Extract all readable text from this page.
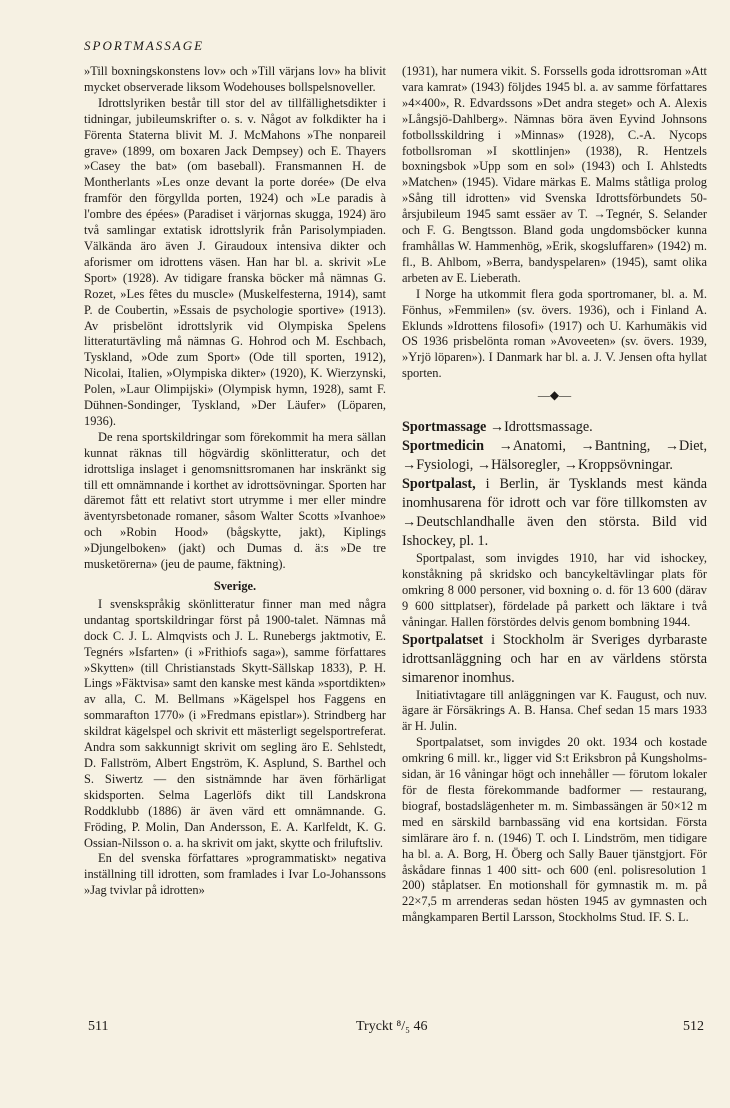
SPORTMASSAGE

»Till boxningskonstens lov» och »Till värjans lov» ha blivit mycket observerade liksom Wodehouses bollspelsnoveller.

Idrottslyriken består till stor del av tillfällighetsdikter i tidningar, jubileumskrifter o. s. v. Något av folkdikter ha i Förenta Staterna blivit M. J. McMahons »The nonpareil grave» (1899, om boxaren Jack Dempsey) och E. Thayers »Casey the bat» (om baseball). Fransmannen H. de Montherlants »Les onze devant la porte dorée» (De elva framför den förgyllda porten, 1924) och »Le paradis à l'ombre des épées» (Paradiset i värjornas skugga, 1924) äro två samlingar extatisk idrottslyrik från Parisolympiaden. Välkända äro även J. Giraudoux intensiva dikter och aforismer om idrottens väsen. Han har bl. a. skrivit »Le Sport» (1928). Av tidigare franska böcker må nämnas G. Rozet, »Les fêtes du muscle» (Muskelfesterna, 1914), samt P. de Coubertin, »Essais de psychologie sportive» (1913). Av prisbelönt idrottslyrik vid Olympiska Spelens litteraturtävling må nämnas G. Hohrod och M. Eschbach, Tyskland, »Ode zum Sport» (Ode till sporten, 1912), Nicolai, Italien, »Olympiska dikter» (1920), K. Wierzynski, Polen, »Laur Olimpijski» (Olympisk hymn, 1928), samt F. Dühnen-Sondinger, Tyskland, »Der Läufer» (Löparen, 1936).

De rena sportskildringar som förekommit ha mera sällan kunnat räknas till högvärdig skönlitteratur, och det idrottsliga inslaget i genomsnittsromanen har inskränkt sig till ett omnämnande i korthet av idrottsövningar. Sporten har däremot fått ett relativt stort utrymme i mer eller mindre äventyrsbetonade romaner, såsom Walter Scotts »Ivanhoe» och »Robin Hood» (bågskytte, jakt), Kiplings »Djungelboken» (jakt) och Dumas d. ä:s »De tre musketörerna» (jeu de paume, fäktning).

Sverige.

I svenskspråkig skönlitteratur finner man med några undantag sportskildringar först på 1900-talet. Nämnas må dock C. J. L. Almqvists och J. L. Runebergs jaktmotiv, E. Tegnérs »Isfarten» (i »Frithiofs saga»), samme författares »Skytten» (till Christianstads Skytt-Sällskap 1833), P. H. Lings »Fäktvisa» samt den kanske mest kända »sportdikten» av alla, C. M. Bellmans »Kägelspel hos Faggens en sommarafton 1770» (i »Fredmans epistlar»). Strindberg har skildrat kägelspel och skrivit ett mästerligt segelsportreferat. Andra som sakkunnigt skrivit om segling äro E. Sehlstedt, D. Fallström, Albert Engström, K. Asplund, S. Barthel och S. Siwertz — den sistnämnde har även förhärligat skidsporten. Selma Lagerlöfs dikt till Landskrona Roddklubb (1886) är även värd ett omnämnande. G. Fröding, P. Molin, Dan Andersson, E. A. Karlfeldt, K. G. Ossian-Nilsson o. a. ha skrivit om jakt, skytte och friluftsliv.

En del svenska författares »programmatiskt» negativa inställning till idrotten, som framlades i Ivar Lo-Johanssons »Jag tvivlar på idrotten»

(1931), har numera vikit. S. Forssells goda idrottsroman »Att vara kamrat» (1943) följdes 1945 bl. a. av samme författares »4×400», R. Edvardssons »Det andra steget» och A. Alexis »Långsjö-Dahlberg». Nämnas böra även Eyvind Johnsons fotbollsskildring i »Minnas» (1928), C.-A. Nycops fotbollsroman »I skottlinjen» (1938), R. Hentzels boxningsbok »Upp som en sol» (1943) och I. Ahlstedts »Matchen» (1945). Vidare märkas E. Malms ståtliga prolog »Sång till idrotten» vid Svenska Idrottsförbundets 50-årsjubileum 1945 samt essäer av T. →Tegnér, S. Selander och F. G. Bengtsson. Bland goda ungdomsböcker kunna framhållas W. Hammenhög, »Erik, skogsluffaren» (1942) m. fl., B. Ahlbom, »Berra, bandyspelaren» (1945), samt olika arbeten av E. Lieberath.

I Norge ha utkommit flera goda sportromaner, bl. a. M. Fönhus, »Femmilen» (sv. övers. 1936), och i Finland A. Eklunds »Idrottens filosofi» (1917) och U. Karhumäkis vid OS 1936 prisbelönta roman »Avoveeten» (sv. övers. 1939, »Yrjö löparen»). I Danmark har bl. a. J. V. Jensen ofta hyllat sporten.

—◆—

Sportmassage →Idrottsmassage.

Sportmedicin →Anatomi, →Bantning, →Diet, →Fysiologi, →Hälsoregler, →Kroppsövningar.

Sportpalast, i Berlin, är Tysklands mest kända inomhusarena för idrott och var före tillkomsten av →Deutschlandhalle även den största. Bild vid Ishockey, pl. 1.

Sportpalast, som invigdes 1910, har vid ishockey, konståkning på skridsko och bancykeltävlingar plats för omkring 8 000 personer, vid boxning o. d. för 13 600 (därav 9 600 sittplatser), fördelade på parkett och läktare i två våningar. Hallen förstördes delvis genom bombning 1944.

Sportpalatset i Stockholm är Sveriges dyrbaraste idrottsanläggning och har en av världens största simarenor inomhus.

Initiativtagare till anläggningen var K. Faugust, och nuv. ägare är Försäkrings A. B. Hansa. Chef sedan 15 mars 1933 är H. Julin.

Sportpalatset, som invigdes 20 okt. 1934 och kostade omkring 6 mill. kr., ligger vid S:t Eriksbron på Kungsholms-sidan, är 16 våningar högt och innehåller — förutom lokaler för de flesta förekommande badformer — restaurang, biograf, bostadslägenheter m. m. Simbassängen är 50×12 m med en särskild barnbassäng vid ena kortsidan. Första simlärare äro f. n. (1946) T. och I. Lindström, men tidigare ha bl. a. A. Borg, H. Öberg och Sally Bauer tjänstgjort. För åskådare finnas 1 400 sitt- och 600 (enl. polisresolution 1 200) ståplatser. En motionshall för gymnastik m. m. på 22×7,5 m arrenderas sedan hösten 1945 av gymnasten och mångkamparen Bertil Larsson, Stockholms Stud. IF. S. L.

511	Tryckt ⁸/₅ 46	512
